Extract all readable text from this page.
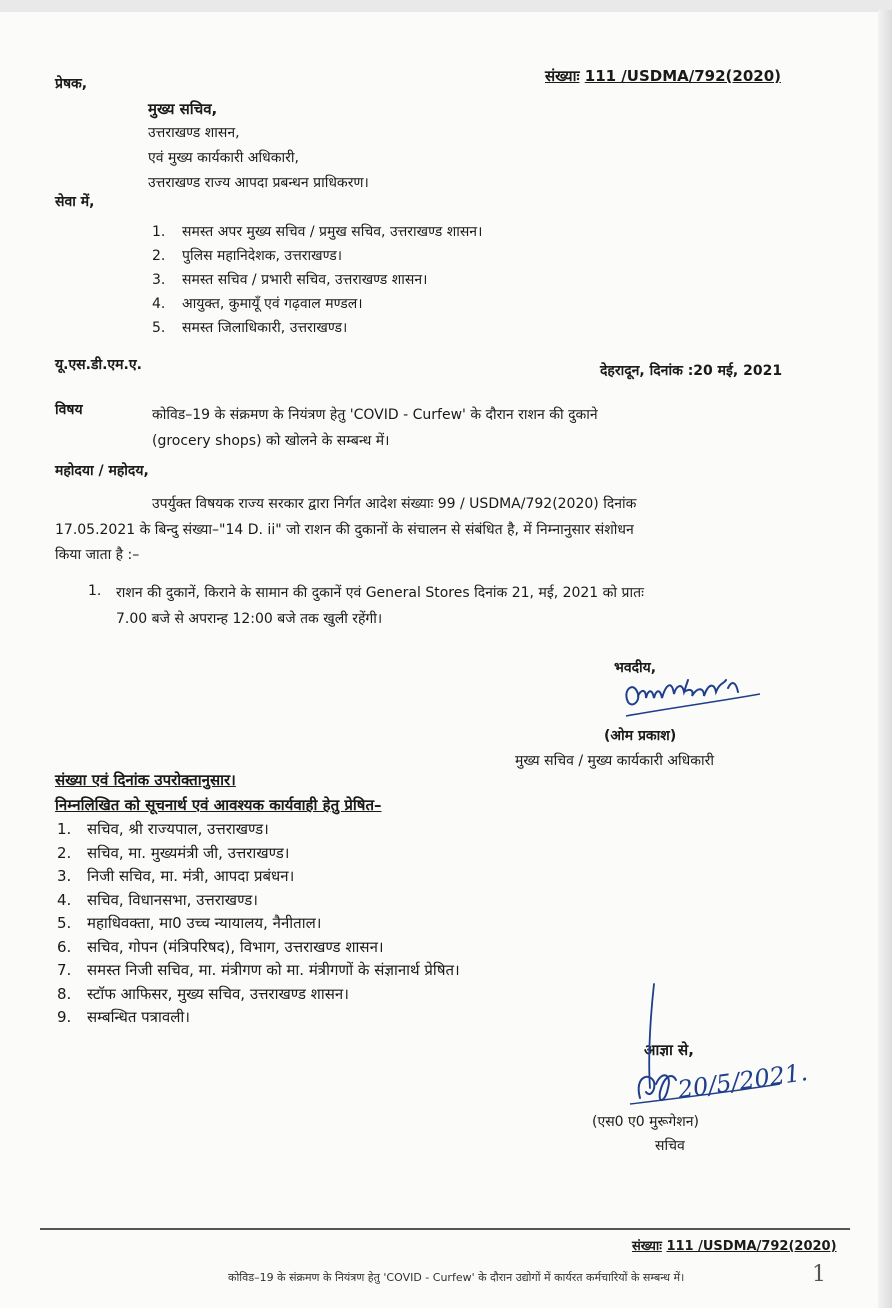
प्रेषक,	संख्याः 111 /USDMA/792(2020)
मुख्य सचिव,
उत्तराखण्ड शासन,
एवं मुख्य कार्यकारी अधिकारी,
उत्तराखण्ड राज्य आपदा प्रबन्धन प्राधिकरण।
सेवा में,
1. समस्त अपर मुख्य सचिव / प्रमुख सचिव, उत्तराखण्ड शासन।
2. पुलिस महानिदेशक, उत्तराखण्ड।
3. समस्त सचिव / प्रभारी सचिव, उत्तराखण्ड शासन।
4. आयुक्त, कुमायूँ एवं गढ़वाल मण्डल।
5. समस्त जिलाधिकारी, उत्तराखण्ड।
यू.एस.डी.एम.ए.	देहरादून, दिनांक :20 मई, 2021
विषय	कोविड–19 के संक्रमण के नियंत्रण हेतु 'COVID - Curfew' के दौरान राशन की दुकाने
(grocery shops) को खोलने के सम्बन्ध में।
महोदया / महोदय,
उपर्युक्त विषयक राज्य सरकार द्वारा निर्गत आदेश संख्याः 99 / USDMA/792(2020) दिनांक
17.05.2021 के बिन्दु संख्या–"14 D. ii" जो राशन की दुकानों के संचालन से संबंधित है, में निम्नानुसार संशोधन
किया जाता है :–
1. राशन की दुकानें, किराने के सामान की दुकानें एवं General Stores दिनांक 21, मई, 2021 को प्रातः
7.00 बजे से अपरान्ह 12:00 बजे तक खुली रहेंगी।
भवदीय,
(ओम प्रकाश)
मुख्य सचिव / मुख्य कार्यकारी अधिकारी
संख्या एवं दिनांक उपरोक्तानुसार।
निम्नलिखित को सूचनार्थ एवं आवश्यक कार्यवाही हेतु प्रेषित–
1. सचिव, श्री राज्यपाल, उत्तराखण्ड।
2. सचिव, मा. मुख्यमंत्री जी, उत्तराखण्ड।
3. निजी सचिव, मा. मंत्री, आपदा प्रबंधन।
4. सचिव, विधानसभा, उत्तराखण्ड।
5. महाधिवक्ता, मा0 उच्च न्यायालय, नैनीताल।
6. सचिव, गोपन (मंत्रिपरिषद), विभाग, उत्तराखण्ड शासन।
7. समस्त निजी सचिव, मा. मंत्रीगण को मा. मंत्रीगणों के संज्ञानार्थ प्रेषित।
8. स्टॉफ आफिसर, मुख्य सचिव, उत्तराखण्ड शासन।
9. सम्बन्धित पत्रावली।
आज्ञा से,
20/5/2021.
(एस0 ए0 मुरूगेशन)
सचिव
संख्याः 111 /USDMA/792(2020)
कोविड–19 के संक्रमण के नियंत्रण हेतु 'COVID - Curfew' के दौरान उद्योगों में कार्यरत कर्मचारियों के सम्बन्ध में।	1
